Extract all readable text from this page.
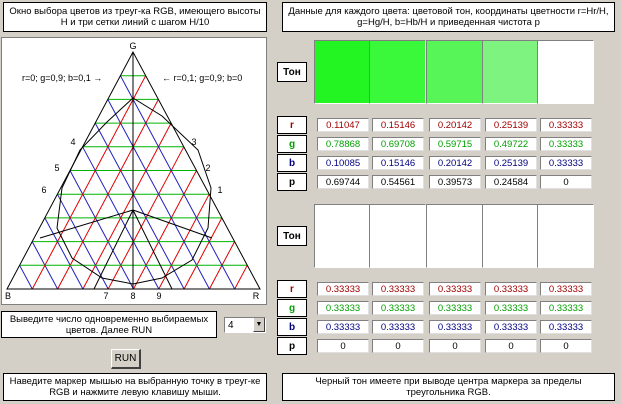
Окно выбора цветов из треуг-ка RGB, имеющего высоты H и три сетки линий с шагом H/10
Данные для каждого цвета: цветовой тон, координаты цветности r=Hr/H, g=Hg/H, b=Hb/H и приведенная чистота p
G
B	R
r=0; g=0,9; b=0,1 →	← r=0,1; g=0,9; b=0
1
2
3
4
5
6
7 8 9
Выведите число одновременно выбираемых цветов. Далее RUN	4	▼
RUN
Наведите маркер мышью на выбранную точку в треуг-ке RGB и нажмите левую клавишу мыши.
Черный тон имеете при выводе центра маркера за пределы треугольника RGB.
Тон
r	0.11047	0.15146	0.20142	0.25139	0.33333
g	0.78868	0.69708	0.59715	0.49722	0.33333
b	0.10085	0.15146	0.20142	0.25139	0.33333
p	0.69744	0.54561	0.39573	0.24584	0
Тон
r	0.33333	0.33333	0.33333	0.33333	0.33333
g	0.33333	0.33333	0.33333	0.33333	0.33333
b	0.33333	0.33333	0.33333	0.33333	0.33333
p	0	0	0	0	0
